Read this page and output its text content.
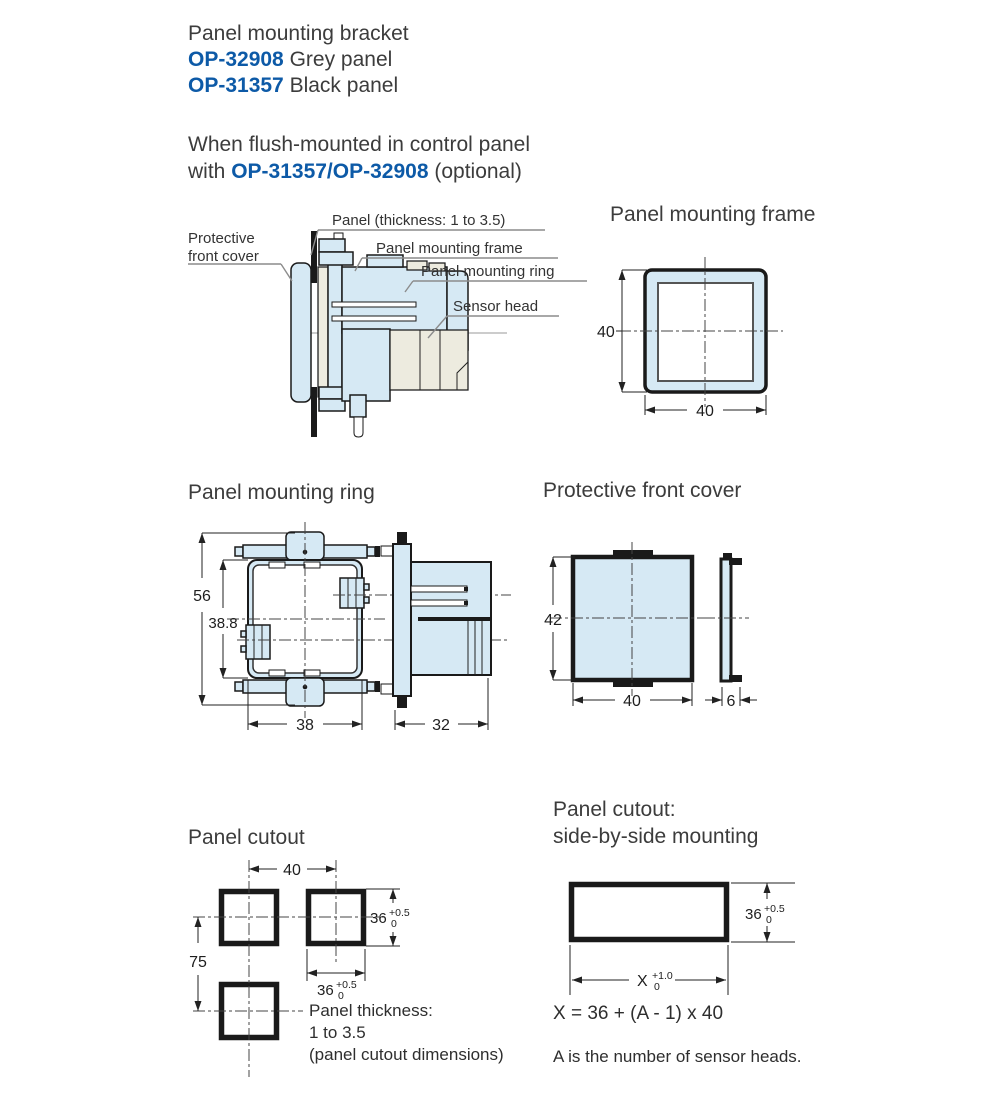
Panel mounting bracket
OP-32908 Grey panel
OP-31357 Black panel
When flush-mounted in control panel
with OP-31357/OP-32908 (optional)
Panel (thickness: 1 to 3.5)
Panel mounting frame
Panel mounting ring
Sensor head
Protective
front cover
Panel mounting frame
40
40
Panel mounting ring
56
38.8
38	32
Protective front cover
42
40	6
Panel cutout
40
75
36 +0.5
0
36 +0.5
0
Panel thickness:
1 to 3.5
(panel cutout dimensions)
Panel cutout:
side-by-side mounting
36 +0.5
0
X +1.0
0
X = 36 + (A - 1) x 40
A is the number of sensor heads.
